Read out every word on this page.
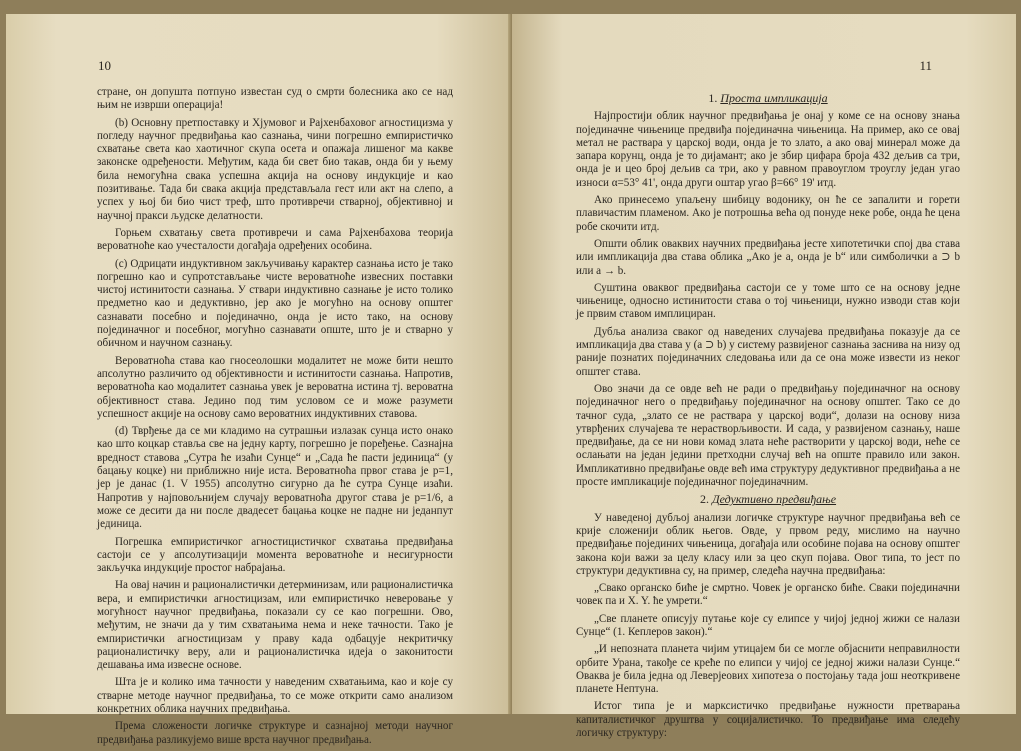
10

стране, он допушта потпуно известан суд о смрти болесника ако се над њим не изврши операција!

(b) Основну претпоставку и Хјумовог и Рајхенбаховог агностицизма у погледу научног предвиђања као сазнања, чини погрешно емпиристичко схватање света као хаотичног скупа осета и опажаја лишеног ма какве законске одређености. Међутим, када би свет био такав, онда би у њему била немогућна свака успешна акција на основу индукције и као позитивање. Тада би свака акција представљала гест или акт на слепо, а успех у њој би био чист треф, што противречи стварној, објективној и научној пракси људске делатности.

Горњем схватању света противречи и сама Рајхенбахова теорија вероватноће као учесталости догађаја одређених особина.

(c) Одрицати индуктивном закључивању карактер сазнања исто је тако погрешно као и супротстављање чисте вероватноће извесних поставки чистој истинитости сазнања. У ствари индуктивно сазнање је исто толико предметно као и дедуктивно, јер ако је могућно на основу општег сазнавати посебно и појединачно, онда је исто тако, на основу појединачног и посебног, могућно сазнавати опште, што је и стварно у обичном и научном сазнању.

Вероватноћа става као гносеолошки модалитет не може бити нешто апсолутно различито од објективности и истинитости сазнања. Напротив, вероватноћа као модалитет сазнања увек је вероватна истина тј. вероватна објективност става. Једино под тим условом се и може разумети успешност акције на основу само вероватних индуктивних ставова.

(d) Тврђење да се ми кладимо на сутрашњи излазак сунца исто онако као што коцкар ставља све на једну карту, погрешно је поређење. Сазнајна вредност ставова „Сутра ће изаћи Сунце“ и „Сада ће пасти јединица“ (у бацању коцке) ни приближно није иста. Вероватноћа првог става је p=1, јер је данас (1. V 1955) апсолутно сигурно да ће сутра Сунце изаћи. Напротив у најповољнијем случају вероватноћа другог става је p=1/6, а може се десити да ни после двадесет бацања коцке не падне ни једанпут јединица.

Погрешка емпиристичког агностицистичког схватања предвиђања састоји се у апсолутизацији момента вероватноће и несигурности закључка индукције простог набрајања.

На овај начин и рационалистички детерминизам, или рационалистичка вера, и емпиристички агностицизам, или емпиристичко неверовање у могућност научног предвиђања, показали су се као погрешни. Ово, међутим, не значи да у тим схватањима нема и неке тачности. Тако је емпиристички агностицизам у праву када одбацује некритичку рационалистичку веру, али и рационалистичка идеја о законитости дешавања има извесне основе.

Шта је и колико има тачности у наведеним схватањима, као и које су стварне методе научног предвиђања, то се може открити само анализом конкретних облика научних предвиђања.

Према сложености логичке структуре и сазнајној методи научног предвиђања разликујемо више врста научног предвиђања.

11
1. Проста импликација

Најпростији облик научног предвиђања је онај у коме се на основу знања појединачне чињенице предвиђа појединачна чињеница. На пример, ако се овај метал не раствара у царској води, онда је то злато, а ако овај минерал може да запара корунц, онда је то дијамант; ако је збир цифара броја 432 дељив са три, онда је и цео број дељив са три, ако у равном правоуглом троуглу један угао износи α=53° 41', онда други оштар угао β=66° 19' итд.

Ако принесемо упаљену шибицу водонику, он ће се запалити и горети плавичастим пламеном. Ако је потрошња већа од понуде неке робе, онда ће цена робе скочити итд.

Општи облик оваквих научних предвиђања јесте хипотетички спој два става или импликација два става облика „Ако је a, онда је b“ или симболички a ⊃ b или a → b.

Суштина оваквог предвиђања састоји се у томе што се на основу једне чињенице, односно истинитости става о тој чињеници, нужно изводи став који је првим ставом имплициран.

Дубља анализа сваког од наведених случајева предвиђања показује да се импликација два става у (a ⊃ b) у систему развијеног сазнања заснива на низу од раније познатих појединачних следовања или да се она може извести из неког општег става.

Ово значи да се овде већ не ради о предвиђању појединачног на основу појединачног него о предвиђању појединачног на основу општег. Тако се до тачног суда, „злато се не раствара у царској води“, долази на основу низа утврђених случајева те нерастворљивости. И сада, у развијеном сазнању, наше предвиђање, да се ни нови комад злата неће растворити у царској води, неће се ослањати на један једини претходни случај већ на опште правило или закон. Импликативно предвиђање овде већ има структуру дедуктивног предвиђања а не просте импликације појединачног појединачним.

2. Дедуктивно предвиђање

У наведеној дубљој анализи логичке структуре научног предвиђања већ се крије сложенији облик његов. Овде, у првом реду, мислимо на научно предвиђање појединих чињеница, догађаја или особине појава на основу општег закона који важи за целу класу или за цео скуп појава. Овог типа, то јест по структури дедуктивна су, на пример, следећа научна предвиђања:

„Свако органско биће је смртно. Човек је органско биће. Сваки појединачни човек па и X. Y. ће умрети.“

„Све планете описују путање које су елипсе у чијој једној жижи се налази Сунце“ (1. Кеплеров закон).“

„И непозната планета чијим утицајем би се могле објаснити неправилности орбите Урана, такође се креће по елипси у чијој се једној жижи налази Сунце.“ Оваква је била једна од Леверјеових хипотеза о постојању тада још неоткривене планете Нептуна.

Истог типа је и марксистичко предвиђање нужности претварања капиталистичког друштва у социјалистичко. То предвиђање има следећу логичку структуру:
